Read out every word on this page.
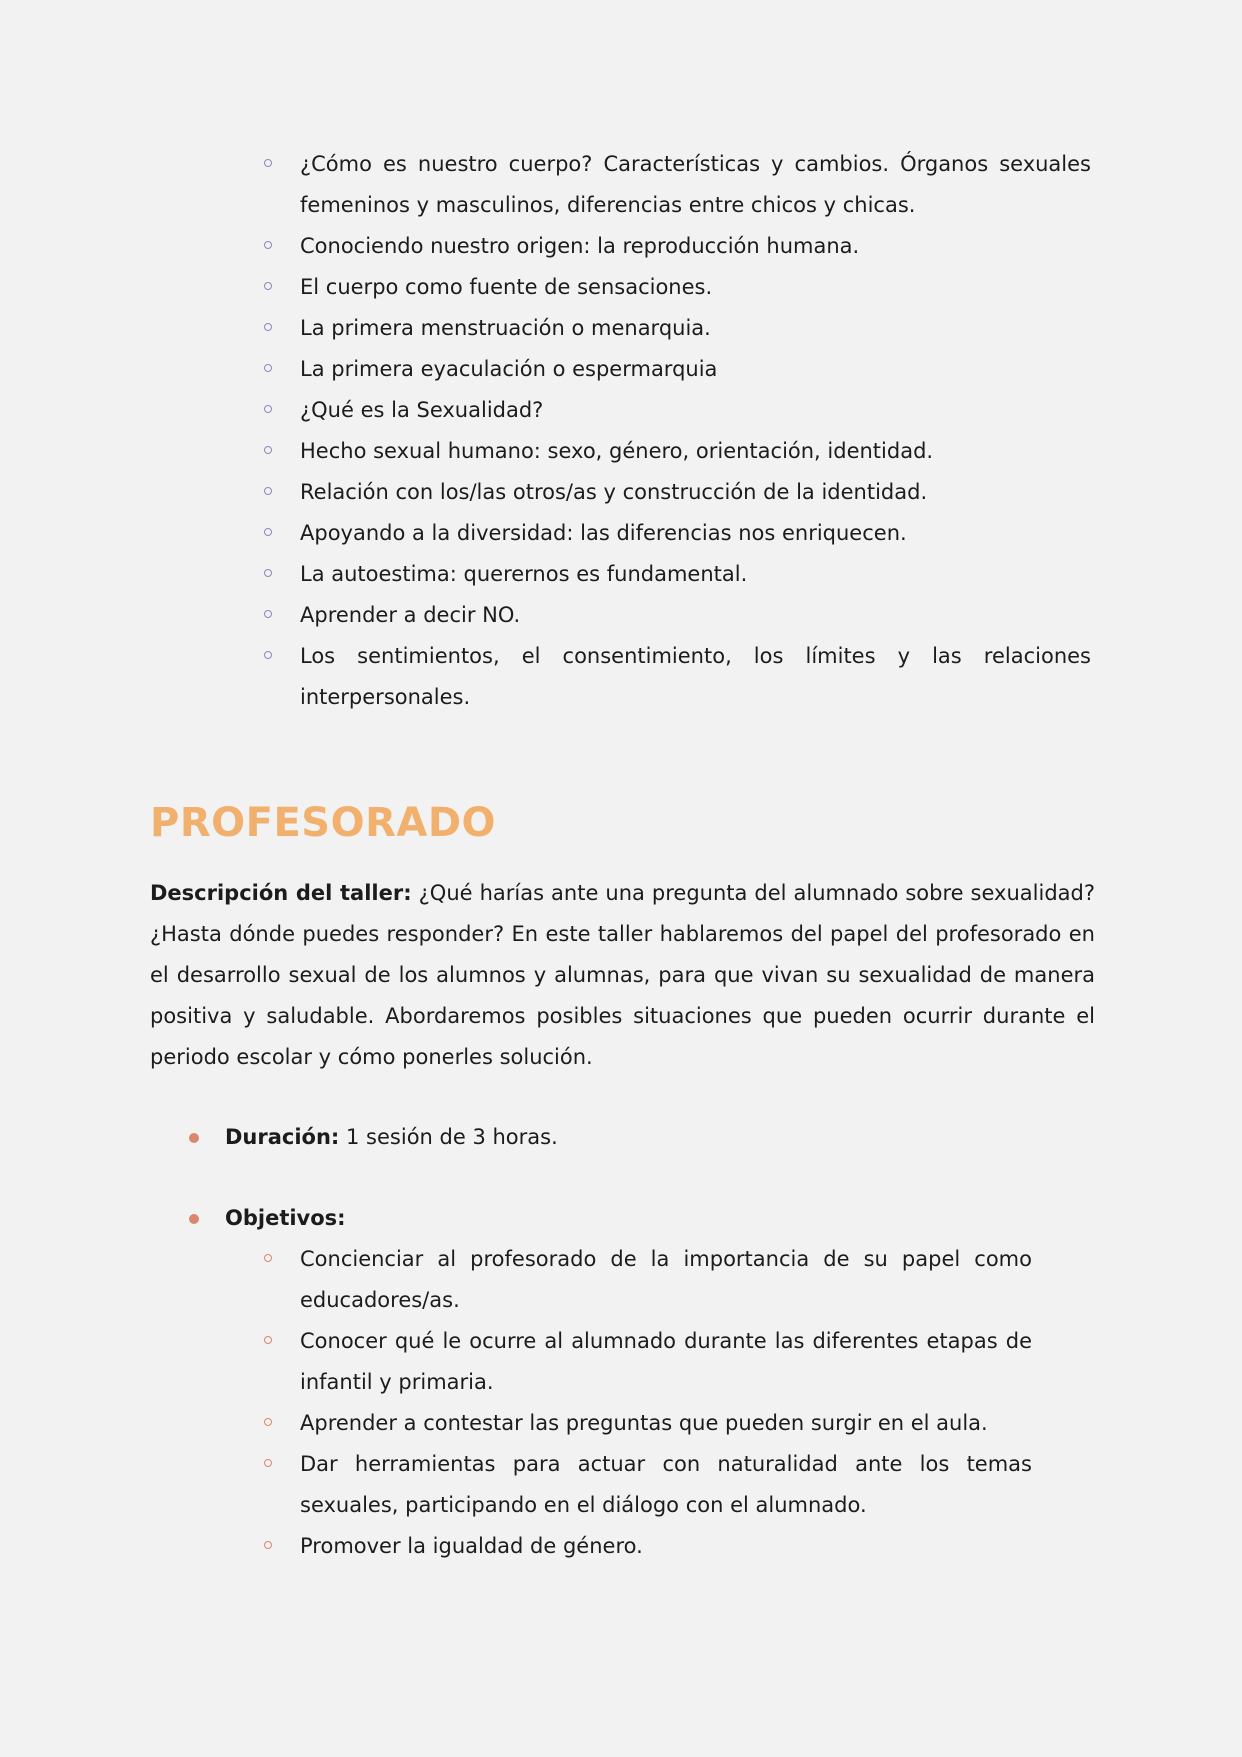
¿Cómo es nuestro cuerpo? Características y cambios. Órganos sexuales femeninos y masculinos, diferencias entre chicos y chicas.
Conociendo nuestro origen: la reproducción humana.
El cuerpo como fuente de sensaciones.
La primera menstruación o menarquia.
La primera eyaculación o espermarquia
¿Qué es la Sexualidad?
Hecho sexual humano: sexo, género, orientación, identidad.
Relación con los/las otros/as y construcción de la identidad.
Apoyando a la diversidad: las diferencias nos enriquecen.
La autoestima: querernos es fundamental.
Aprender a decir NO.
Los sentimientos, el consentimiento, los límites y las relaciones interpersonales.
PROFESORADO

Descripción del taller: ¿Qué harías ante una pregunta del alumnado sobre sexualidad? ¿Hasta dónde puedes responder? En este taller hablaremos del papel del profesorado en el desarrollo sexual de los alumnos y alumnas, para que vivan su sexualidad de manera positiva y saludable. Abordaremos posibles situaciones que pueden ocurrir durante el periodo escolar y cómo ponerles solución.

Duración: 1 sesión de 3 horas.
Objetivos:
Concienciar al profesorado de la importancia de su papel como educadores/as.
Conocer qué le ocurre al alumnado durante las diferentes etapas de infantil y primaria.
Aprender a contestar las preguntas que pueden surgir en el aula.
Dar herramientas para actuar con naturalidad ante los temas sexuales, participando en el diálogo con el alumnado.
Promover la igualdad de género.
